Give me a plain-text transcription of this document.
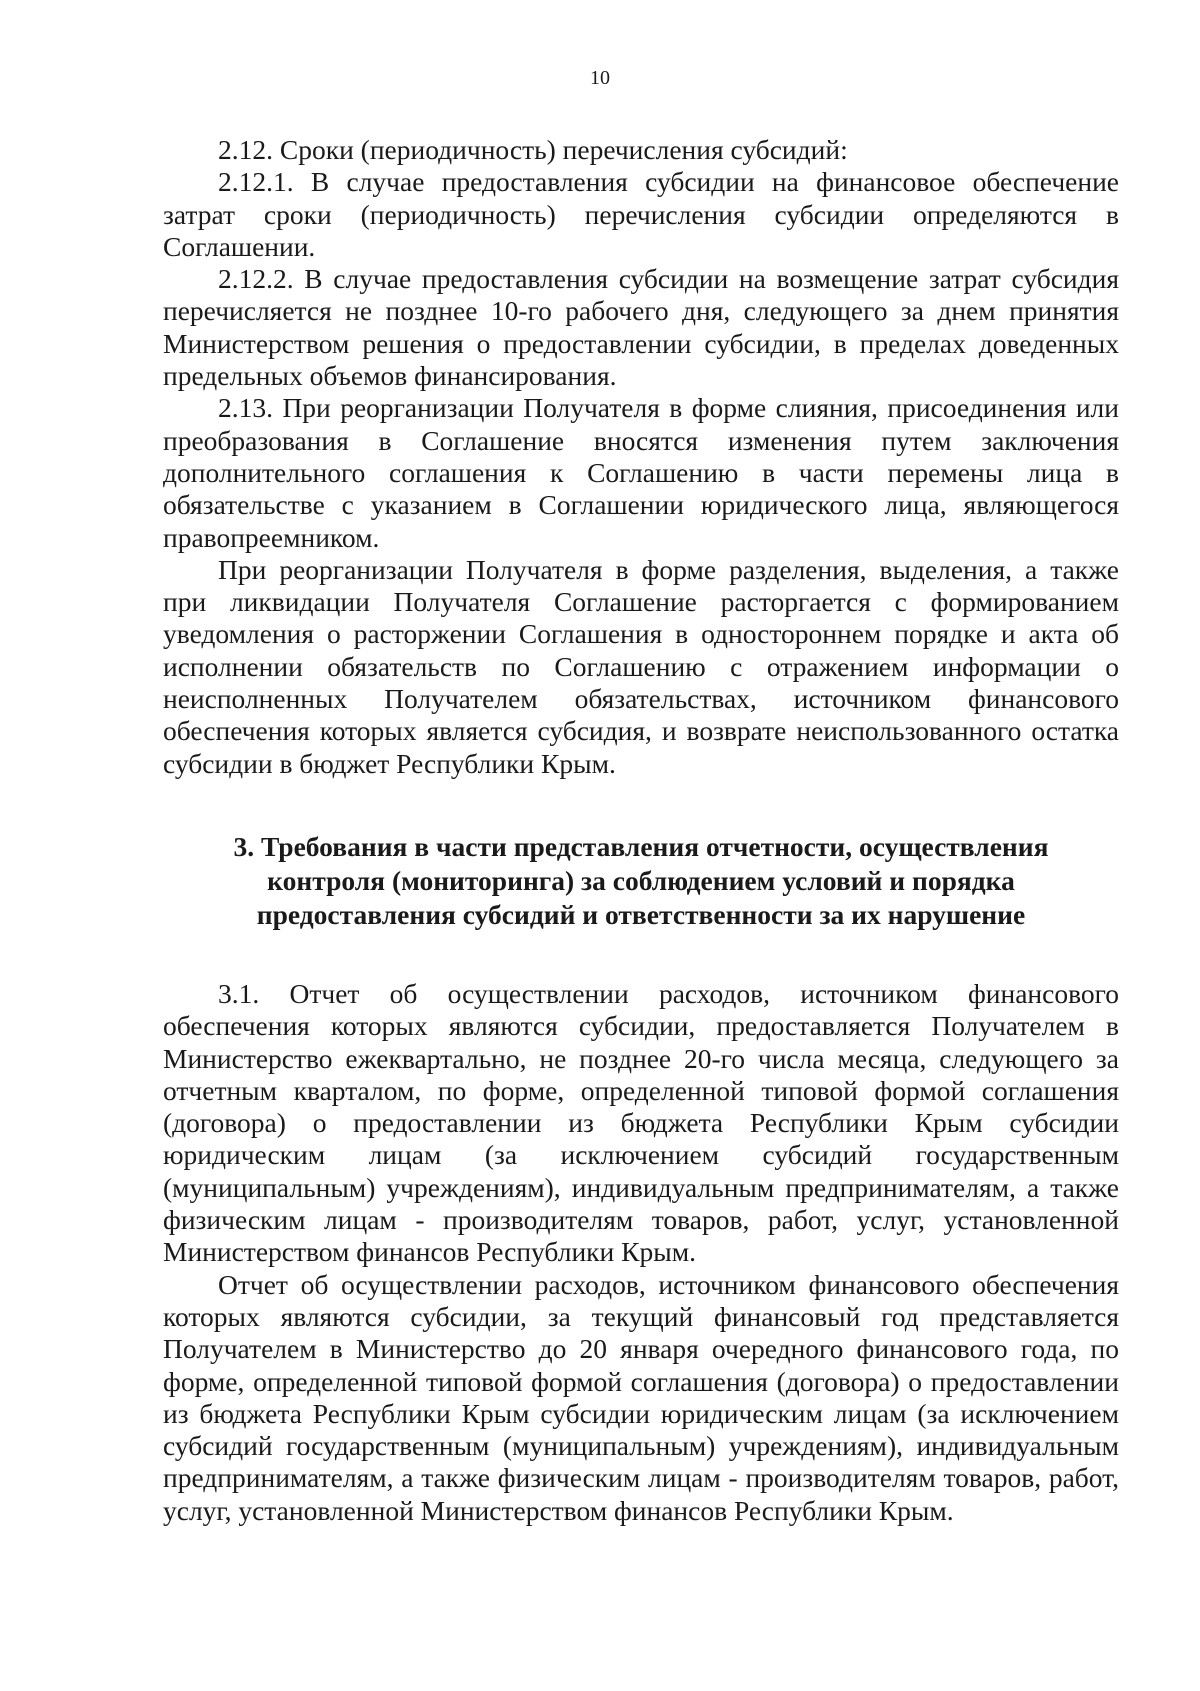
10

2.12. Сроки (периодичность) перечисления субсидий:

2.12.1. В случае предоставления субсидии на финансовое обеспечение затрат сроки (периодичность) перечисления субсидии определяются в Соглашении.

2.12.2. В случае предоставления субсидии на возмещение затрат субсидия перечисляется не позднее 10-го рабочего дня, следующего за днем принятия Министерством решения о предоставлении субсидии, в пределах доведенных предельных объемов финансирования.

2.13. При реорганизации Получателя в форме слияния, присоединения или преобразования в Соглашение вносятся изменения путем заключения дополнительного соглашения к Соглашению в части перемены лица в обязательстве с указанием в Соглашении юридического лица, являющегося правопреемником.

При реорганизации Получателя в форме разделения, выделения, а также при ликвидации Получателя Соглашение расторгается с формированием уведомления о расторжении Соглашения в одностороннем порядке и акта об исполнении обязательств по Соглашению с отражением информации о неисполненных Получателем обязательствах, источником финансового обеспечения которых является субсидия, и возврате неиспользованного остатка субсидии в бюджет Республики Крым.

3. Требования в части представления отчетности, осуществления
контроля (мониторинга) за соблюдением условий и порядка
предоставления субсидий и ответственности за их нарушение

3.1. Отчет об осуществлении расходов, источником финансового обеспечения которых являются субсидии, предоставляется Получателем в Министерство ежеквартально, не позднее 20-го числа месяца, следующего за отчетным кварталом, по форме, определенной типовой формой соглашения (договора) о предоставлении из бюджета Республики Крым субсидии юридическим лицам (за исключением субсидий государственным (муниципальным) учреждениям), индивидуальным предпринимателям, а также физическим лицам - производителям товаров, работ, услуг, установленной Министерством финансов Республики Крым.

Отчет об осуществлении расходов, источником финансового обеспечения которых являются субсидии, за текущий финансовый год представляется Получателем в Министерство до 20 января очередного финансового года, по форме, определенной типовой формой соглашения (договора) о предоставлении из бюджета Республики Крым субсидии юридическим лицам (за исключением субсидий государственным (муниципальным) учреждениям), индивидуальным предпринимателям, а также физическим лицам - производителям товаров, работ, услуг, установленной Министерством финансов Республики Крым.
